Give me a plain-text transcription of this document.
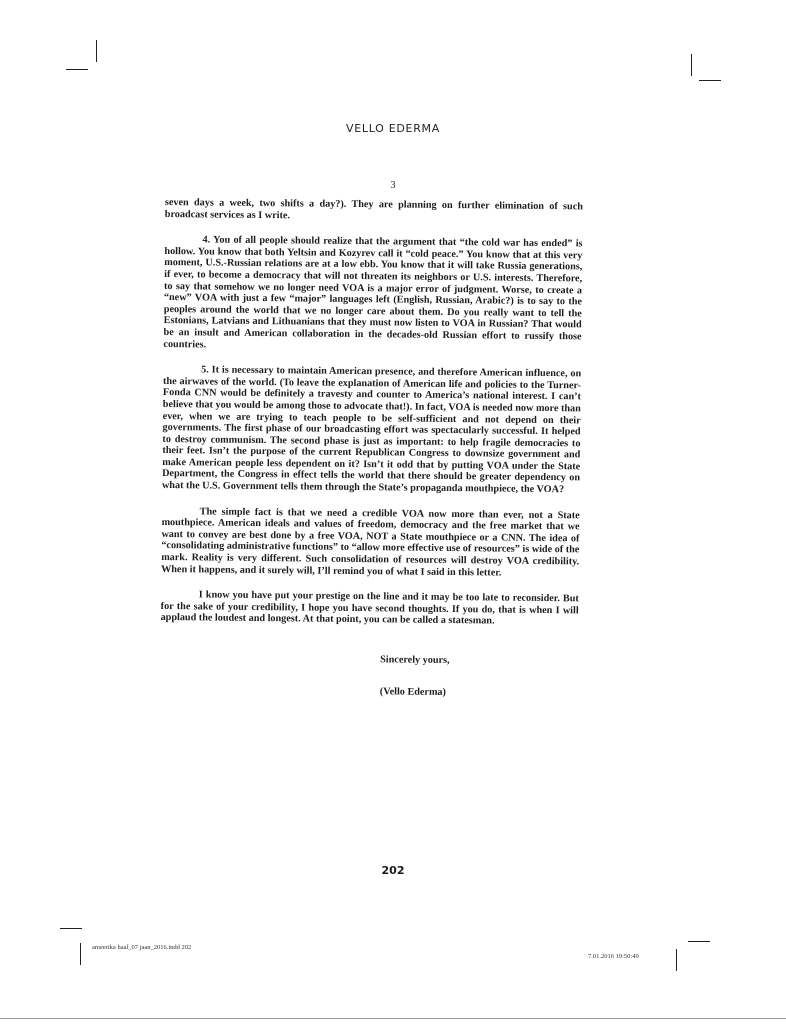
VELLO EDERMA
3

seven days a week, two shifts a day?). They are planning on further elimination of such broadcast services as I write.

4. You of all people should realize that the argument that “the cold war has ended” is hollow. You know that both Yeltsin and Kozyrev call it “cold peace.” You know that at this very moment, U.S.-Russian relations are at a low ebb. You know that it will take Russia generations, if ever, to become a democracy that will not threaten its neighbors or U.S. interests. Therefore, to say that somehow we no longer need VOA is a major error of judgment. Worse, to create a “new” VOA with just a few “major” languages left (English, Russian, Arabic?) is to say to the peoples around the world that we no longer care about them. Do you really want to tell the Estonians, Latvians and Lithuanians that they must now listen to VOA in Russian? That would be an insult and American collaboration in the decades-old Russian effort to russify those countries.

5. It is necessary to maintain American presence, and therefore American influence, on the airwaves of the world. (To leave the explanation of American life and policies to the Turner-Fonda CNN would be definitely a travesty and counter to America’s national interest. I can’t believe that you would be among those to advocate that!). In fact, VOA is needed now more than ever, when we are trying to teach people to be self-sufficient and not depend on their governments. The first phase of our broadcasting effort was spectacularly successful. It helped to destroy communism. The second phase is just as important: to help fragile democracies to their feet. Isn’t the purpose of the current Republican Congress to downsize government and make American people less dependent on it? Isn’t it odd that by putting VOA under the State Department, the Congress in effect tells the world that there should be greater dependency on what the U.S. Government tells them through the State’s propaganda mouthpiece, the VOA?

The simple fact is that we need a credible VOA now more than ever, not a State mouthpiece. American ideals and values of freedom, democracy and the free market that we want to convey are best done by a free VOA, NOT a State mouthpiece or a CNN. The idea of “consolidating administrative functions” to “allow more effective use of resources” is wide of the mark. Reality is very different. Such consolidation of resources will destroy VOA credibility. When it happens, and it surely will, I’ll remind you of what I said in this letter.

I know you have put your prestige on the line and it may be too late to reconsider. But for the sake of your credibility, I hope you have second thoughts. If you do, that is when I will applaud the loudest and longest. At that point, you can be called a statesman.

Sincerely yours,
(Vello Ederma)
202
ameerika haal_07 jaan_2016.indd 202
7.01.2016 19:50:49
